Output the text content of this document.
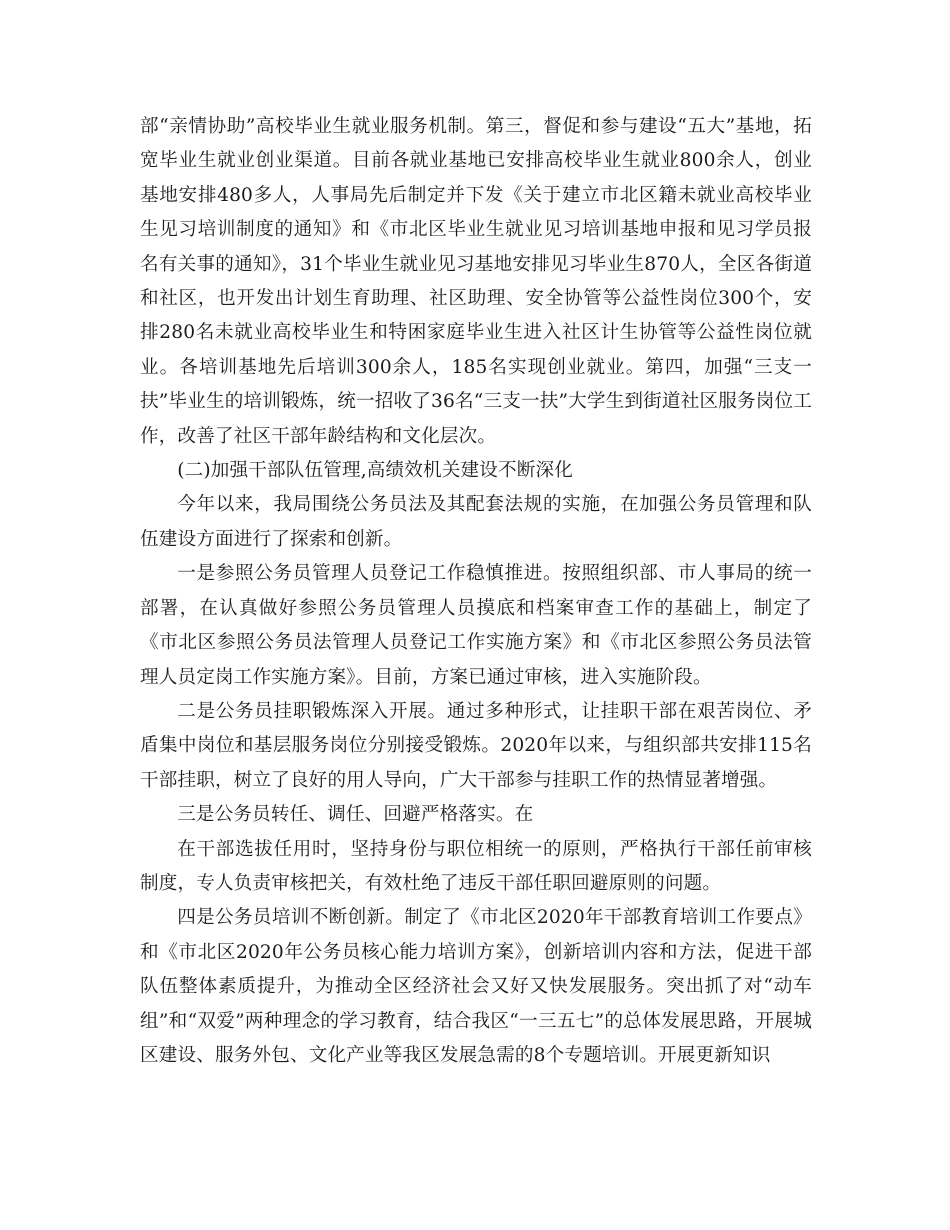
部“亲情协助”高校毕业生就业服务机制。第三，督促和参与建设“五大”基地，拓宽毕业生就业创业渠道。目前各就业基地已安排高校毕业生就业800余人，创业基地安排480多人，人事局先后制定并下发《关于建立市北区籍未就业高校毕业生见习培训制度的通知》和《市北区毕业生就业见习培训基地申报和见习学员报名有关事的通知》，31个毕业生就业见习基地安排见习毕业生870人，全区各街道和社区，也开发出计划生育助理、社区助理、安全协管等公益性岗位300个，安排280名未就业高校毕业生和特困家庭毕业生进入社区计生协管等公益性岗位就业。各培训基地先后培训300余人，185名实现创业就业。第四，加强“三支一扶”毕业生的培训锻炼，统一招收了36名“三支一扶”大学生到街道社区服务岗位工作，改善了社区干部年龄结构和文化层次。

(二)加强干部队伍管理,高绩效机关建设不断深化

今年以来，我局围绕公务员法及其配套法规的实施，在加强公务员管理和队伍建设方面进行了探索和创新。

一是参照公务员管理人员登记工作稳慎推进。按照组织部、市人事局的统一部署，在认真做好参照公务员管理人员摸底和档案审查工作的基础上，制定了《市北区参照公务员法管理人员登记工作实施方案》和《市北区参照公务员法管理人员定岗工作实施方案》。目前，方案已通过审核，进入实施阶段。

二是公务员挂职锻炼深入开展。通过多种形式，让挂职干部在艰苦岗位、矛盾集中岗位和基层服务岗位分别接受锻炼。2020年以来，与组织部共安排115名干部挂职，树立了良好的用人导向，广大干部参与挂职工作的热情显著增强。

三是公务员转任、调任、回避严格落实。在

在干部选拔任用时，坚持身份与职位相统一的原则，严格执行干部任前审核制度，专人负责审核把关，有效杜绝了违反干部任职回避原则的问题。

四是公务员培训不断创新。制定了《市北区2020年干部教育培训工作要点》和《市北区2020年公务员核心能力培训方案》，创新培训内容和方法，促进干部队伍整体素质提升，为推动全区经济社会又好又快发展服务。突出抓了对“动车组”和“双爱”两种理念的学习教育，结合我区“一三五七”的总体发展思路，开展城区建设、服务外包、文化产业等我区发展急需的8个专题培训。开展更新知识
